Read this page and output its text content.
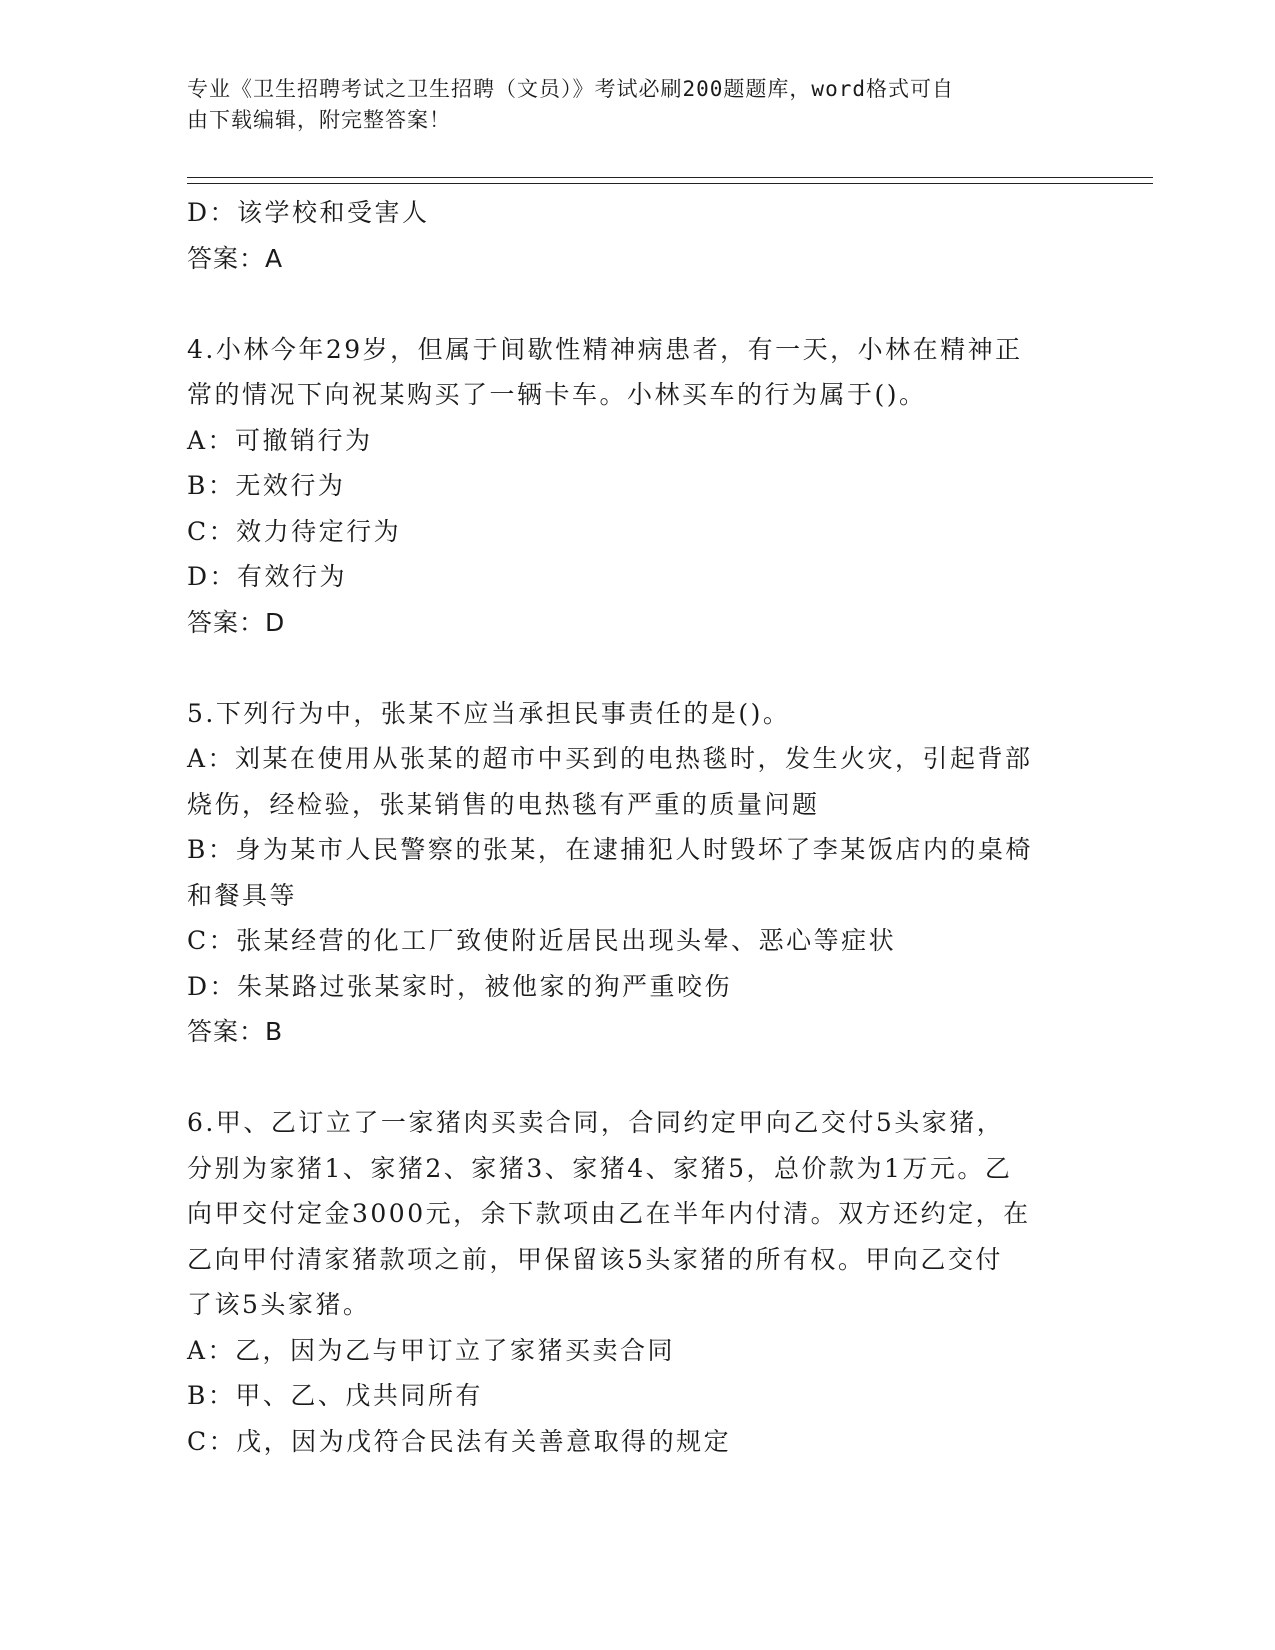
专业《卫生招聘考试之卫生招聘（文员）》考试必刷200题题库，word格式可自
由下载编辑，附完整答案！
D：该学校和受害人
答案：A
4.小林今年29岁，但属于间歇性精神病患者，有一天，小林在精神正
常的情况下向祝某购买了一辆卡车。小林买车的行为属于()。
A：可撤销行为
B：无效行为
C：效力待定行为
D：有效行为
答案：D
5.下列行为中，张某不应当承担民事责任的是()。
A：刘某在使用从张某的超市中买到的电热毯时，发生火灾，引起背部
烧伤，经检验，张某销售的电热毯有严重的质量问题
B：身为某市人民警察的张某，在逮捕犯人时毁坏了李某饭店内的桌椅
和餐具等
C：张某经营的化工厂致使附近居民出现头晕、恶心等症状
D：朱某路过张某家时，被他家的狗严重咬伤
答案：B
6.甲、乙订立了一家猪肉买卖合同，合同约定甲向乙交付5头家猪，
分别为家猪1、家猪2、家猪3、家猪4、家猪5，总价款为1万元。乙
向甲交付定金3000元，余下款项由乙在半年内付清。双方还约定，在
乙向甲付清家猪款项之前，甲保留该5头家猪的所有权。甲向乙交付
了该5头家猪。
A：乙，因为乙与甲订立了家猪买卖合同
B：甲、乙、戊共同所有
C：戊，因为戊符合民法有关善意取得的规定
